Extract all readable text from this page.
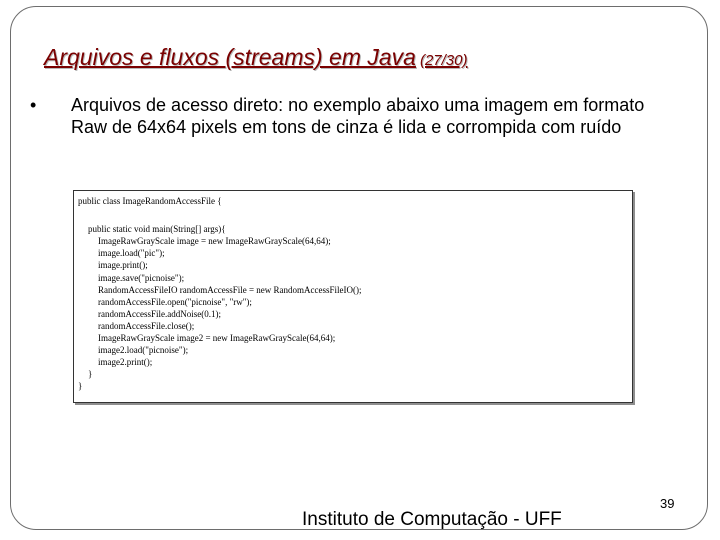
Arquivos e fluxos (streams) em Java (27/30)
• Arquivos de acesso direto: no exemplo abaixo uma imagem em formato Raw de 64x64 pixels em tons de cinza é lida e corrompida com ruído
public class ImageRandomAccessFile {
public static void main(String[] args){
ImageRawGrayScale image = new ImageRawGrayScale(64,64);
image.load("pic");
image.print();
image.save("picnoise");
RandomAccessFileIO randomAccessFile = new RandomAccessFileIO();
randomAccessFile.open("picnoise", "rw");
randomAccessFile.addNoise(0.1);
randomAccessFile.close();
ImageRawGrayScale image2 = new ImageRawGrayScale(64,64);
image2.load("picnoise");
image2.print();
}
}
Instituto de Computação - UFF
39
